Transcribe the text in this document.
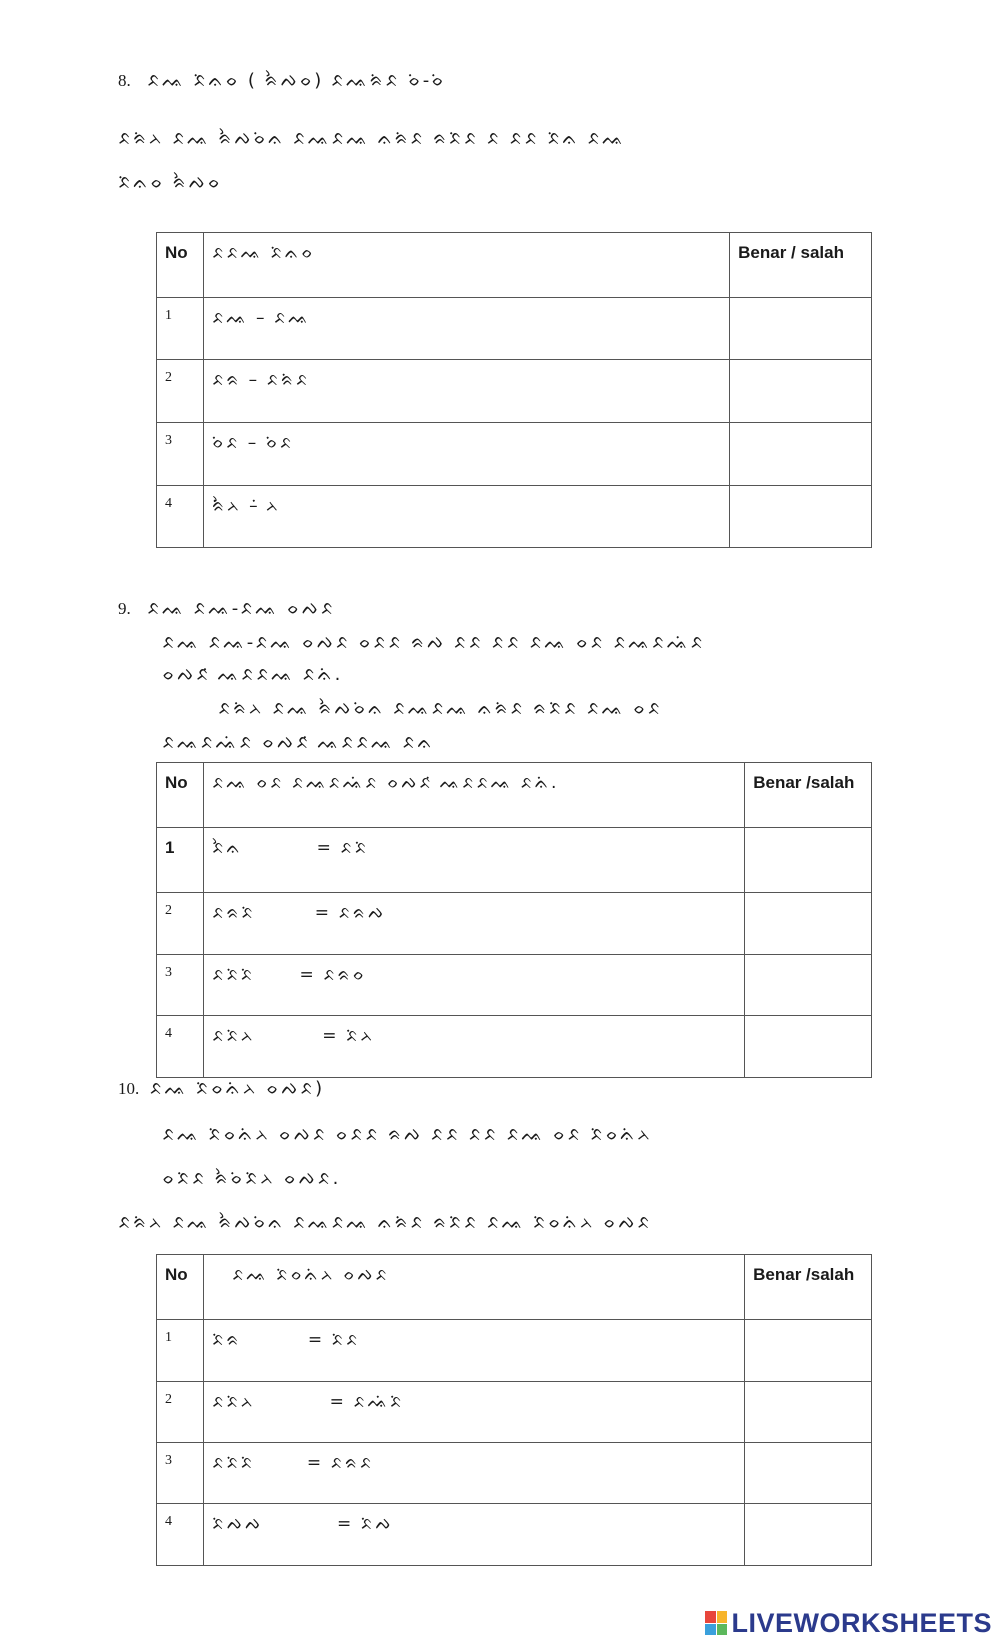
8. ᨅᨕ ᨅᨗᨊᨔ ( ᨑᨛᨄᨔ) ᨅᨕᨑᨗᨅ ᨔᨗ-ᨔᨗ
ᨅᨑᨗᨂ ᨅᨕ ᨑᨛᨄᨔᨗᨊ ᨅᨕᨅᨕ ᨊᨑᨗᨅ ᨑᨅᨗᨅ ᨅ ᨅᨅ ᨅᨗᨊ ᨅᨕ
ᨅᨗᨊᨔ ᨑᨛᨄᨔ
No	ᨅᨅᨕ ᨅᨗᨊᨔ	Benar / salah
1	ᨅᨕ – ᨅᨕ	
2	ᨅᨑ – ᨅᨑᨗᨅ	
3	ᨔᨗᨅ – ᨔᨗᨅ	
4	ᨑᨛᨗᨂ – ᨗᨂ	
9. ᨅᨕ ᨅᨕ-ᨅᨕ ᨔᨄᨅ
ᨅᨕ ᨅᨕ-ᨅᨕ ᨔᨄᨅ ᨔᨅᨅ ᨑᨄ ᨅᨅ ᨅᨅ ᨅᨕ ᨔᨅ ᨅᨕᨅᨕᨗᨅ
ᨔᨄᨅ ᨗᨕᨅᨅᨕ ᨅᨊᨗ.
ᨅᨑᨗᨂ ᨅᨕ ᨑᨛᨄᨔᨗᨊ ᨅᨕᨅᨕ ᨊᨑᨗᨅ ᨑᨅᨗᨅ ᨅᨕ ᨔᨅ
ᨅᨕᨅᨕᨗᨅ ᨔᨄᨅ ᨗᨕᨅᨅᨕ ᨅᨊ
No	ᨅᨕ ᨔᨅ ᨅᨕᨅᨕᨗᨅ ᨔᨄᨅ ᨗᨕᨅᨅᨕ ᨅᨊᨗ.	Benar /salah
1	ᨅᨛᨊ          = ᨅᨅᨗ	
2	ᨅᨑᨅᨗ        = ᨅᨑᨄ	
3	ᨅᨅᨗᨅᨗ      = ᨅᨑᨔ	
4	ᨅᨅᨗᨂ         = ᨅᨗᨂ	
10. ᨅᨕ ᨅᨗᨔᨊᨗᨂ ᨔᨄᨅ)
ᨅᨕ ᨅᨗᨔᨊᨗᨂ ᨔᨄᨅ ᨔᨅᨅ ᨑᨄ ᨅᨅ ᨅᨅ ᨅᨕ ᨔᨅ ᨅᨗᨔᨊᨗᨂ
ᨔᨅᨗᨅ ᨑᨛᨔᨗᨅᨗᨂ ᨔᨄᨅ.
ᨅᨑᨗᨂ ᨅᨕ ᨑᨛᨄᨔᨗᨊ ᨅᨕᨅᨕ ᨊᨑᨗᨅ ᨑᨅᨗᨅ ᨅᨕ ᨅᨗᨔᨊᨗᨂ ᨔᨄᨅ
No	ᨅᨕ ᨅᨗᨔᨊᨗᨂ ᨔᨄᨅ	Benar /salah
1	ᨅᨗᨑ         = ᨅᨗᨅ	
2	ᨅᨅᨗᨂ          = ᨅᨕᨗᨅᨗ	
3	ᨅᨅᨗᨅᨗ       = ᨅᨑᨅ	
4	ᨅᨗᨄᨄ          = ᨅᨗᨄ	
LIVEWORKSHEETS
